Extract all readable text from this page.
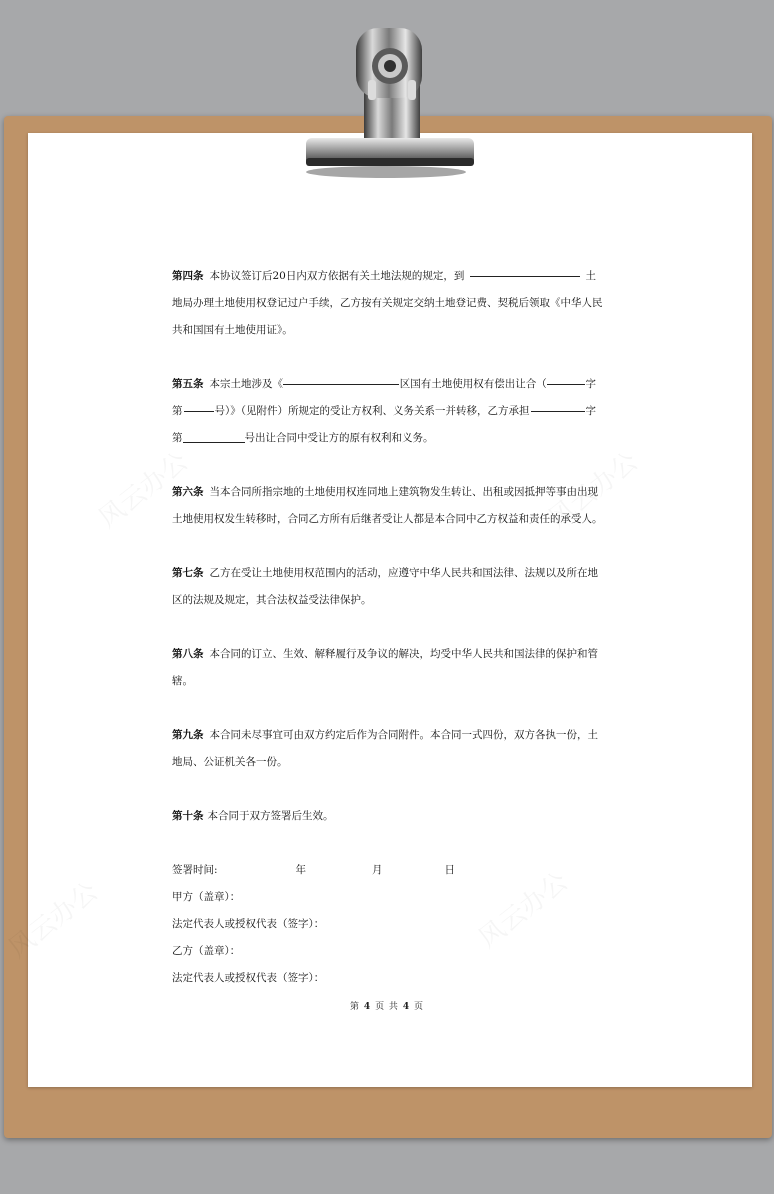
第四条 本协议签订后20日内双方依据有关土地法规的规定，到	土
地局办理土地使用权登记过户手续，乙方按有关规定交纳土地登记费、契税后领取《中华人民
共和国国有土地使用证》。
第五条 本宗土地涉及《	区国有土地使用权有偿出让合（	字
第	号）》（见附件）所规定的受让方权利、义务关系一并转移，乙方承担	字
第	号出让合同中受让方的原有权利和义务。
第六条 当本合同所指宗地的土地使用权连同地上建筑物发生转让、出租或因抵押等事由出现
土地使用权发生转移时，合同乙方所有后继者受让人都是本合同中乙方权益和责任的承受人。
第七条 乙方在受让土地使用权范围内的活动，应遵守中华人民共和国法律、法规以及所在地
区的法规及规定，其合法权益受法律保护。
第八条 本合同的订立、生效、解释履行及争议的解决，均受中华人民共和国法律的保护和管
辖。
第九条 本合同未尽事宜可由双方约定后作为合同附件。本合同一式四份，双方各执一份，土
地局、公证机关各一份。
第十条 本合同于双方签署后生效。
签署时间:	年	月	日
甲方（盖章）：
法定代表人或授权代表（签字）：
乙方（盖章）：
法定代表人或授权代表（签字）：
第 4 页 共 4 页
